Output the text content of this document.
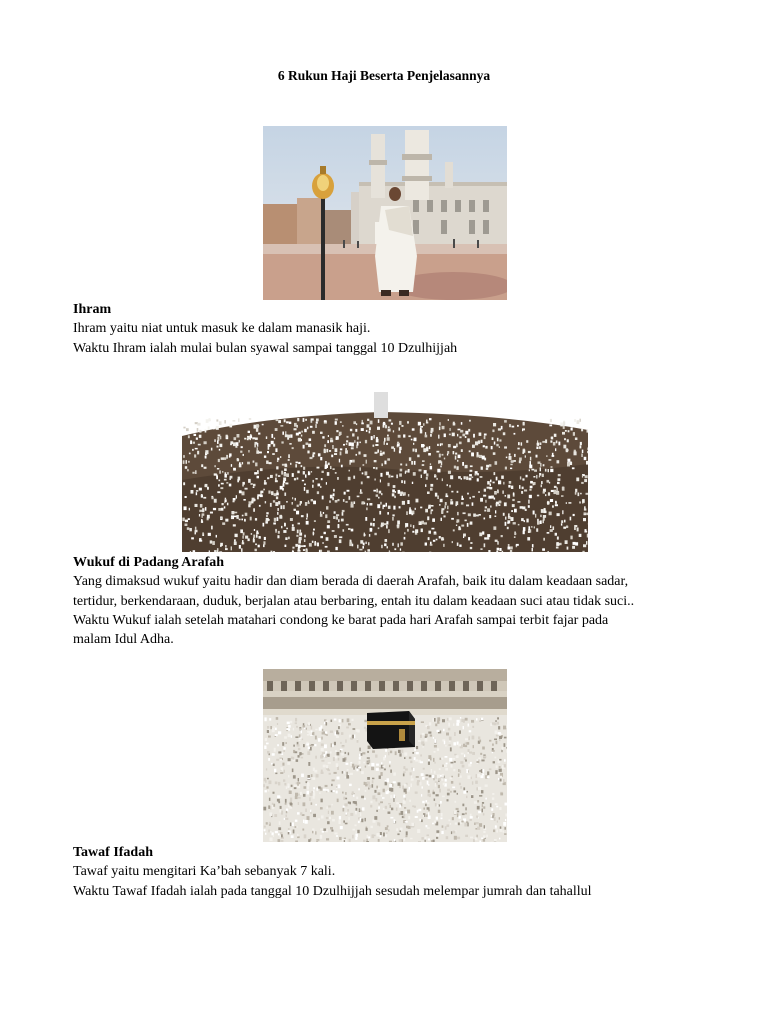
6 Rukun Haji Beserta Penjelasannya
Ihram

Ihram yaitu niat untuk masuk ke dalam manasik haji.

Waktu Ihram ialah mulai bulan syawal sampai tanggal 10 Dzulhijjah

Wukuf di Padang Arafah

Yang dimaksud wukuf yaitu hadir dan diam berada di daerah Arafah, baik itu dalam keadaan sadar,

tertidur, berkendaraan, duduk, berjalan atau berbaring, entah itu dalam keadaan suci atau tidak suci..

Waktu Wukuf ialah setelah matahari condong ke barat pada hari Arafah sampai terbit fajar pada

malam Idul Adha.

Tawaf Ifadah

Tawaf yaitu mengitari Ka’bah sebanyak 7 kali.

Waktu Tawaf Ifadah ialah pada tanggal 10 Dzulhijjah sesudah melempar jumrah dan tahallul
